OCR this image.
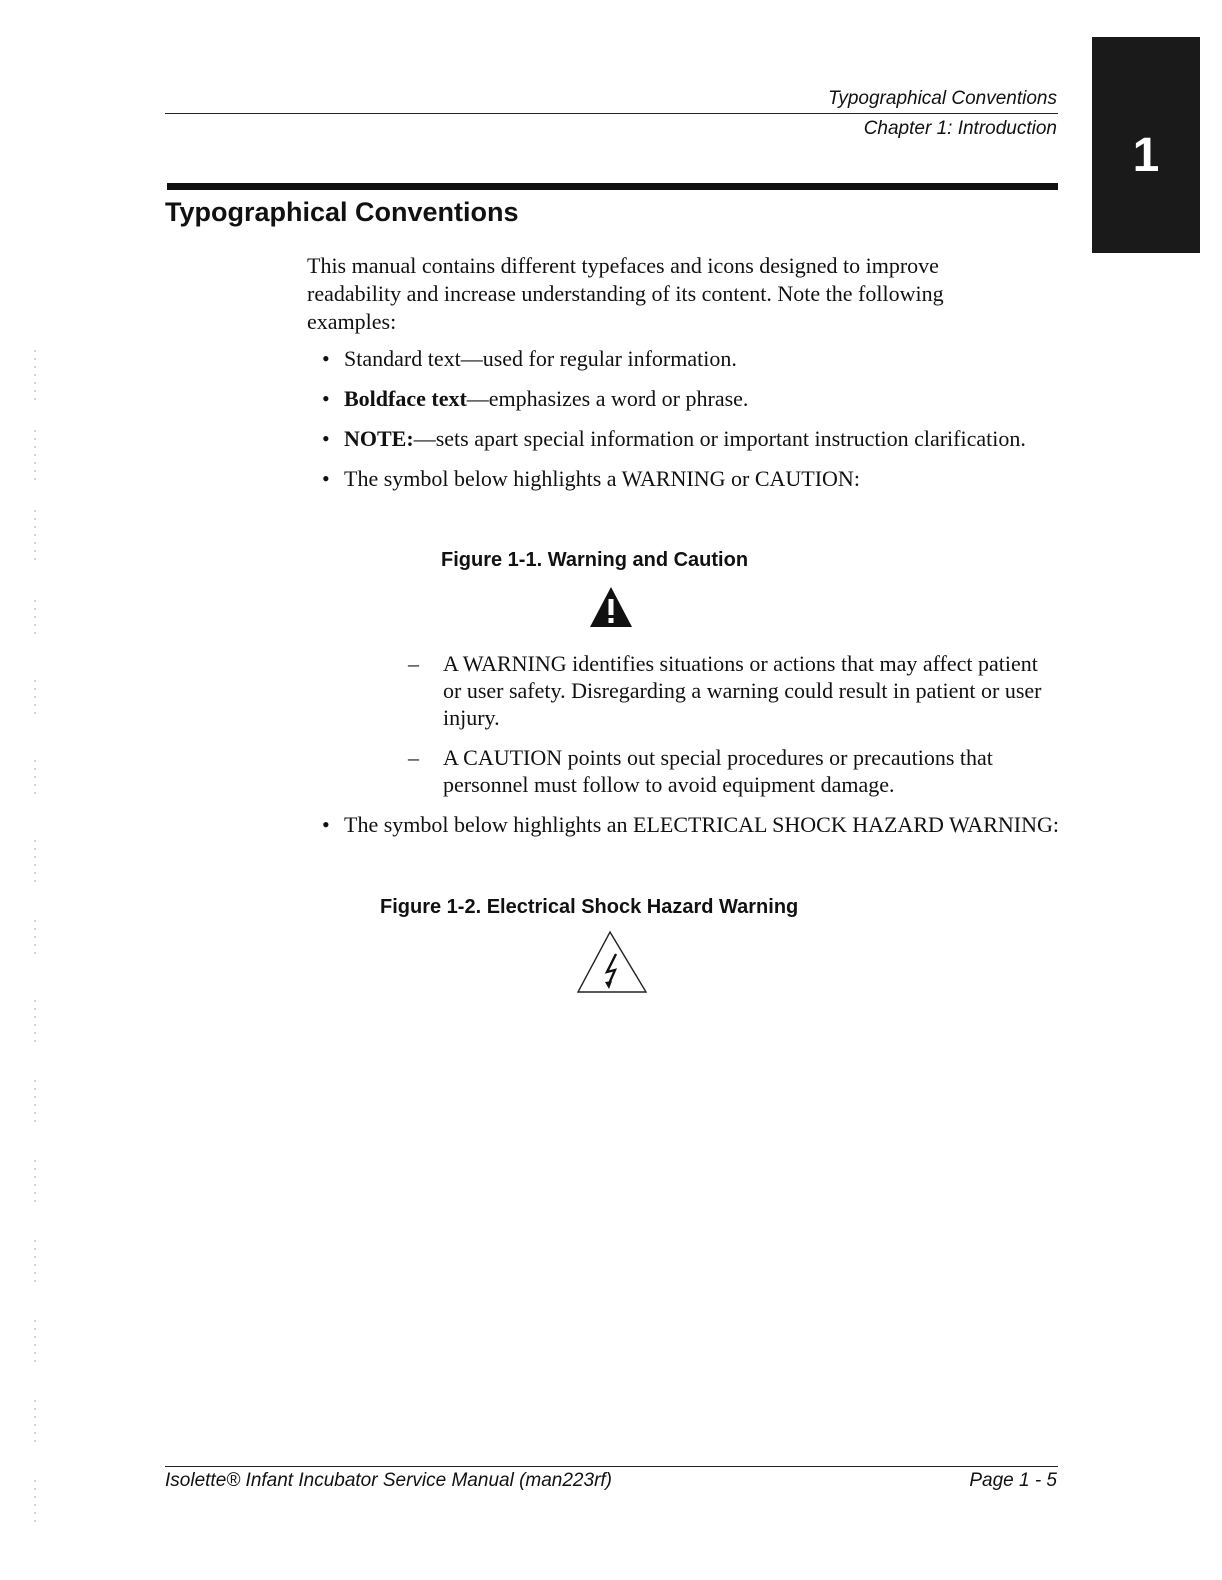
1
Typographical Conventions
Chapter 1: Introduction
Typographical Conventions

This manual contains different typefaces and icons designed to improve readability and increase understanding of its content. Note the following examples:

• Standard text—used for regular information.
• Boldface text—emphasizes a word or phrase.
• NOTE:—sets apart special information or important instruction clarification.
• The symbol below highlights a WARNING or CAUTION:
• The symbol below highlights an ELECTRICAL SHOCK HAZARD WARNING:
Figure 1-1. Warning and Caution
– A WARNING identifies situations or actions that may affect patient or user safety. Disregarding a warning could result in patient or user injury.
– A CAUTION points out special procedures or precautions that personnel must follow to avoid equipment damage.
Figure 1-2. Electrical Shock Hazard Warning
Isolette® Infant Incubator Service Manual (man223rf)	Page 1 - 5
